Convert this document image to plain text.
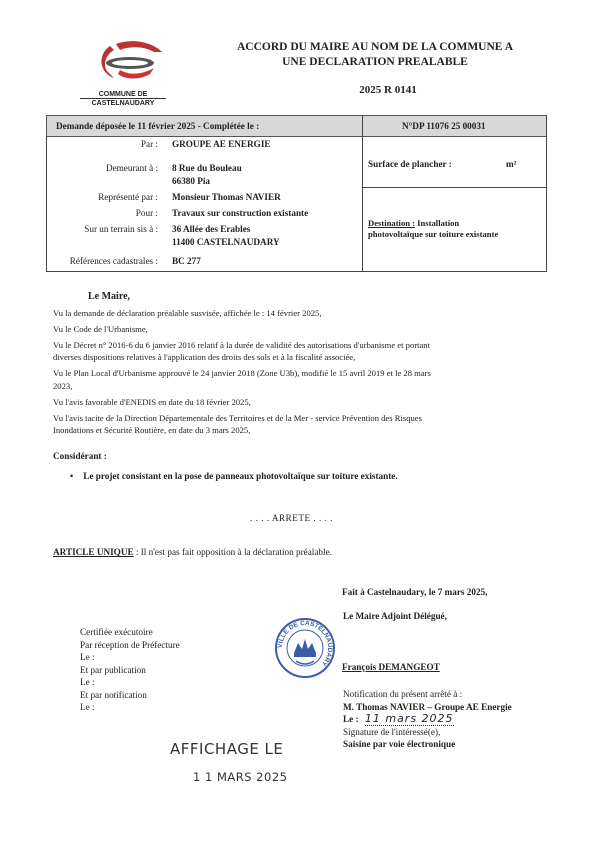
COMMUNE DE
CASTELNAUDARY
ACCORD DU MAIRE AU NOM DE LA COMMUNE A
UNE DECLARATION PREALABLE
2025 R 0141
Demande déposée le 11 février 2025 - Complétée le :	N°DP 11076 25 00031
Par : GROUPE AE ENERGIE
Demeurant à : 8 Rue du Bouleau
66380 Pia
Représenté par : Monsieur Thomas NAVIER
Pour : Travaux sur construction existante
Sur un terrain sis à : 36 Allée des Erables
11400 CASTELNAUDARY
Références cadastrales : BC 277
Surface de plancher :	m²
Destination : Installation
photovoltaïque sur toiture existante
Le Maire,
Vu la demande de déclaration préalable susvisée, affichée le : 14 février 2025,
Vu le Code de l'Urbanisme,
Vu le Décret n° 2016-6 du 6 janvier 2016 relatif à la durée de validité des autorisations d'urbanisme et portant
diverses dispositions relatives à l'application des droits des sols et à la fiscalité associée,
Vu le Plan Local d'Urbanisme approuvé le 24 janvier 2018 (Zone U3b), modifié le 15 avril 2019 et le 28 mars
2023,
Vu l'avis favorable d'ENEDIS en date du 18 février 2025,
Vu l'avis tacite de la Direction Départementale des Territoires et de la Mer - service Prévention des Risques
Inondations et Sécurité Routière, en date du 3 mars 2025,
Considérant :
• Le projet consistant en la pose de panneaux photovoltaïque sur toiture existante.
. . . . ARRETE . . . .
ARTICLE UNIQUE : Il n'est pas fait opposition à la déclaration préalable.
Fait à Castelnaudary, le 7 mars 2025,
Le Maire Adjoint Délégué,
François DEMANGEOT
VILLE DE CASTELNAUDARY
Certifiée exécutoire
Par réception de Préfecture
Le :
Et par publication
Le :
Et par notification
Le :
Notification du présent arrêté à :
M. Thomas NAVIER – Groupe AE Energie
Le : 11 mars 2025
Signature de l'intéressé(e),
Saisine par voie électronique
AFFICHAGE LE
1 1 MARS 2025
